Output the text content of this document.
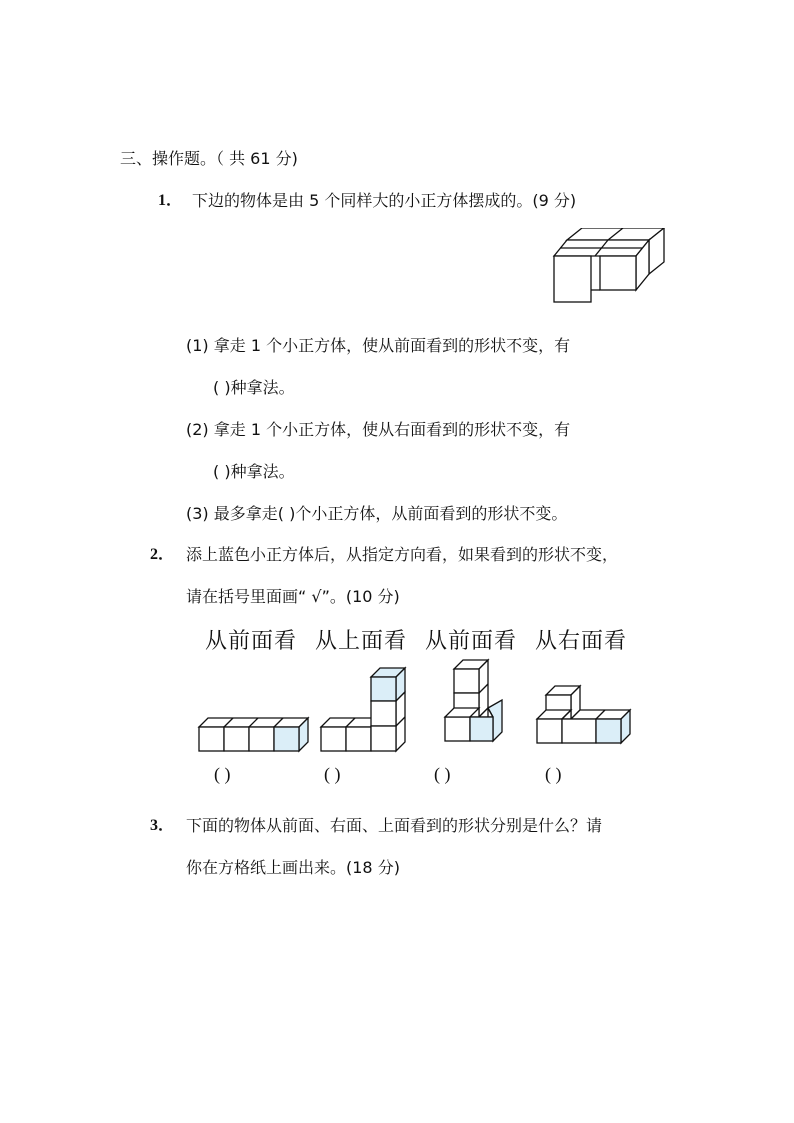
三、操作题。（ 共 61 分)
1． 下边的物体是由 5 个同样大的小正方体摆成的。(9 分)
(1) 拿走 1 个小正方体，使从前面看到的形状不变，有
( )种拿法。
(2) 拿走 1 个小正方体，使从右面看到的形状不变，有
( )种拿法。
(3) 最多拿走( )个小正方体，从前面看到的形状不变。
2． 添上蓝色小正方体后，从指定方向看，如果看到的形状不变，
请在括号里面画“ √”。(10 分)
从前面看 从上面看 从前面看 从右面看
( )	( )	( )	( )
3． 下面的物体从前面、右面、上面看到的形状分别是什么？请
你在方格纸上画出来。(18 分)
